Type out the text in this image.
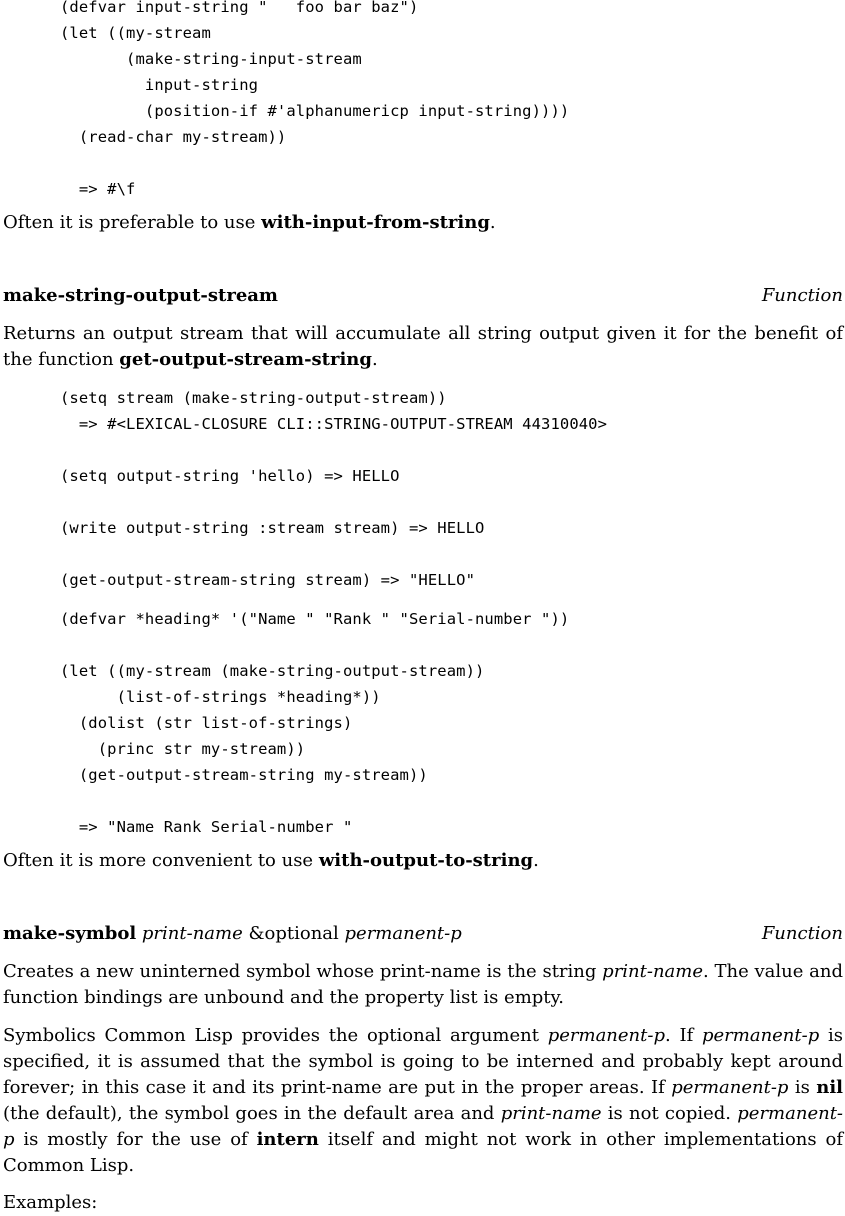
(defvar input-string "   foo bar baz")
(let ((my-stream
(make-string-input-stream
input-string
(position-if #'alphanumericp input-string))))
(read-char my-stream))

=> #\f

Often it is preferable to use with-input-from-string.

make-string-output-stream	Function

Returns an output stream that will accumulate all string output given it for the benefit of the function get-output-stream-string.

(setq stream (make-string-output-stream))
=> #<LEXICAL-CLOSURE CLI::STRING-OUTPUT-STREAM 44310040>

(setq output-string 'hello) => HELLO

(write output-string :stream stream) => HELLO

(get-output-stream-string stream) => "HELLO"
(defvar *heading* '("Name " "Rank " "Serial-number "))

(let ((my-stream (make-string-output-stream))
(list-of-strings *heading*))
(dolist (str list-of-strings)
(princ str my-stream))
(get-output-stream-string my-stream))

=> "Name Rank Serial-number "

Often it is more convenient to use with-output-to-string.

make-symbol print-name &optional permanent-p	Function

Creates a new uninterned symbol whose print-name is the string print-name. The value and function bindings are unbound and the property list is empty.

Symbolics Common Lisp provides the optional argument permanent-p. If permanent-p is specified, it is assumed that the symbol is going to be interned and probably kept around forever; in this case it and its print-name are put in the proper areas. If permanent-p is nil (the default), the symbol goes in the default area and print-name is not copied. permanent-p is mostly for the use of intern itself and might not work in other implementations of Common Lisp.

Examples:
